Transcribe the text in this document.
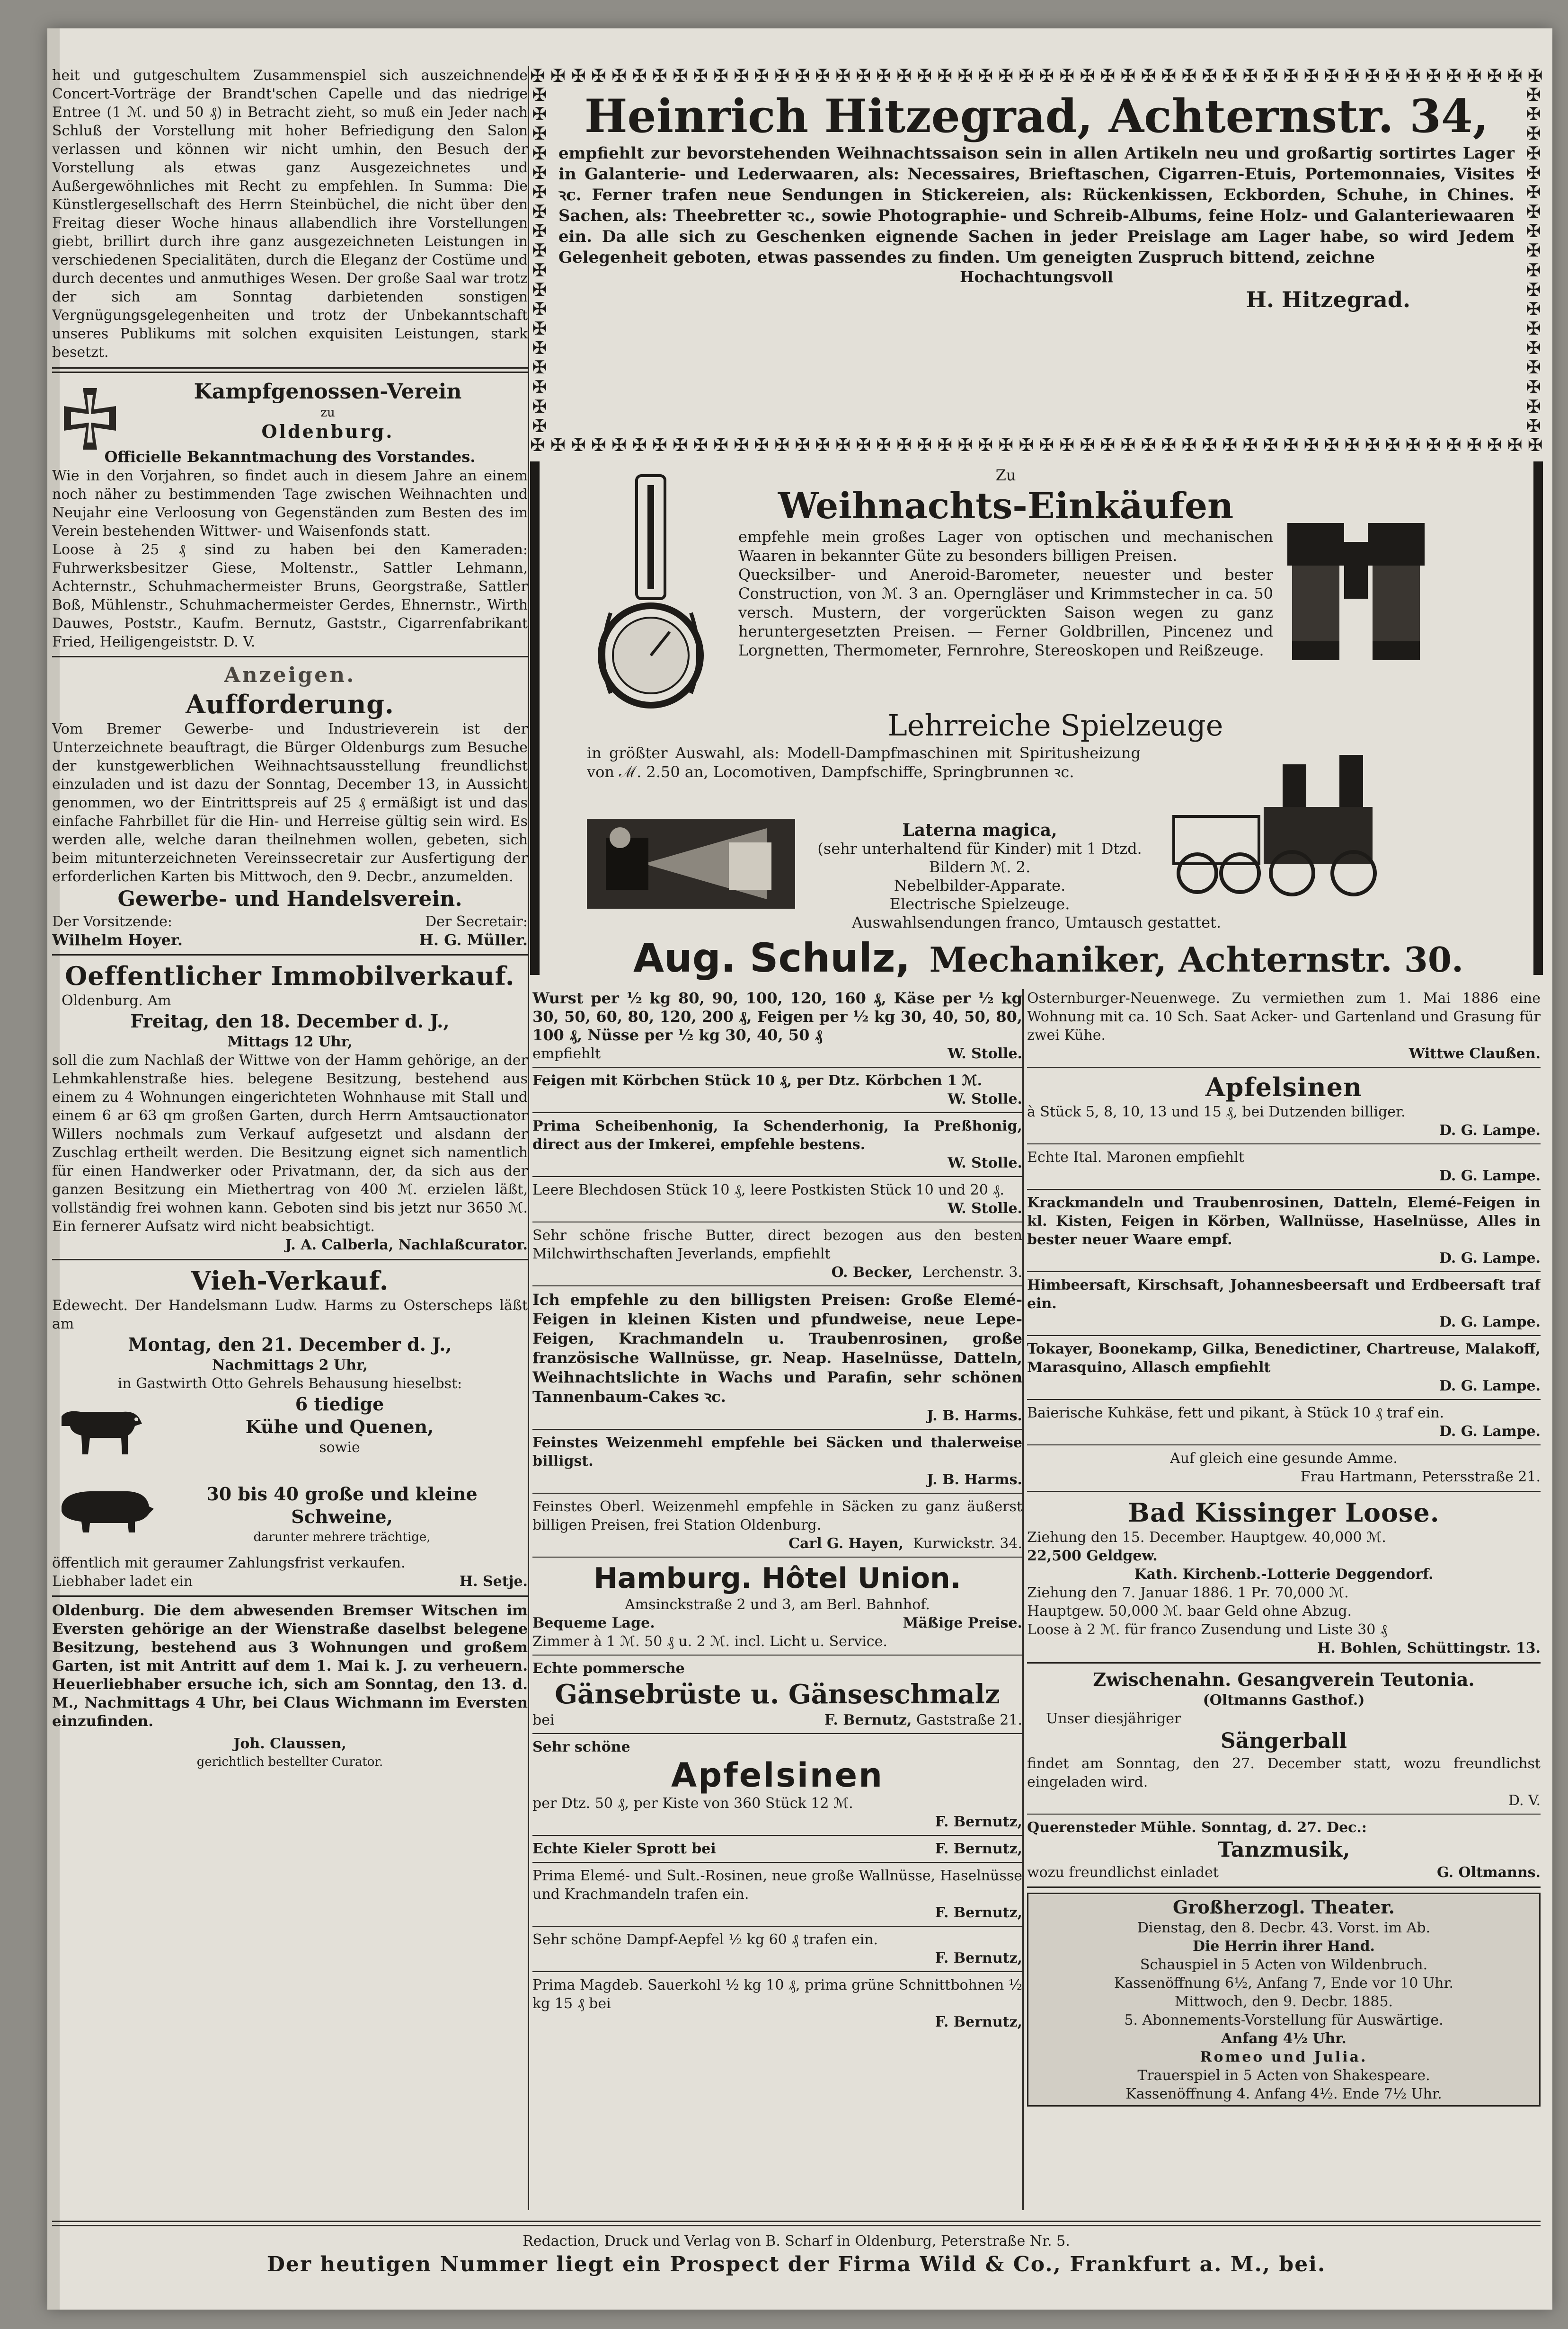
heit und gutgeschultem Zusammenspiel sich auszeichnende Concert-Vorträge der Brandt'schen Capelle und das niedrige Entree (1 ℳ. und 50 ₰) in Betracht zieht, so muß ein Jeder nach Schluß der Vorstellung mit hoher Befriedigung den Salon verlassen und können wir nicht umhin, den Besuch der Vorstellung als etwas ganz Ausgezeichnetes und Außergewöhnliches mit Recht zu empfehlen. In Summa: Die Künstlergesellschaft des Herrn Steinbüchel, die nicht über den Freitag dieser Woche hinaus allabendlich ihre Vorstellungen giebt, brillirt durch ihre ganz ausgezeichneten Leistungen in verschiedenen Specialitäten, durch die Eleganz der Costüme und durch decentes und anmuthiges Wesen. Der große Saal war trotz der sich am Sonntag darbietenden sonstigen Vergnügungsgelegenheiten und trotz der Unbekanntschaft unseres Publikums mit solchen exquisiten Leistungen, stark besetzt.

Kampfgenossen-Verein

zu

Oldenburg.

Officielle Bekanntmachung des Vorstandes.

Wie in den Vorjahren, so findet auch in diesem Jahre an einem noch näher zu bestimmenden Tage zwischen Weihnachten und Neujahr eine Verloosung von Gegenständen zum Besten des im Verein bestehenden Wittwer- und Waisenfonds statt.

Loose à 25 ₰ sind zu haben bei den Kameraden: Fuhrwerksbesitzer Giese, Moltenstr., Sattler Lehmann, Achternstr., Schuhmachermeister Bruns, Georgstraße, Sattler Boß, Mühlenstr., Schuhmachermeister Gerdes, Ehnernstr., Wirth Dauwes, Poststr., Kaufm. Bernutz, Gaststr., Cigarrenfabrikant Fried, Heiligengeiststr. D. V.

Anzeigen.

Aufforderung.

Vom Bremer Gewerbe- und Industrieverein ist der Unterzeichnete beauftragt, die Bürger Oldenburgs zum Besuche der kunstgewerblichen Weihnachtsausstellung freundlichst einzuladen und ist dazu der Sonntag, December 13, in Aussicht genommen, wo der Eintrittspreis auf 25 ₰ ermäßigt ist und das einfache Fahrbillet für die Hin- und Herreise gültig sein wird. Es werden alle, welche daran theilnehmen wollen, gebeten, sich beim mitunterzeichneten Vereinssecretair zur Ausfertigung der erforderlichen Karten bis Mittwoch, den 9. Decbr., anzumelden.

Gewerbe- und Handelsverein.

Der Vorsitzende:	Der Secretair:
Wilhelm Hoyer.	H. G. Müller.

Oeffentlicher Immobilverkauf.

Oldenburg. Am

Freitag, den 18. December d. J.,

Mittags 12 Uhr,

soll die zum Nachlaß der Wittwe von der Hamm gehörige, an der Lehmkahlenstraße hies. belegene Besitzung, bestehend aus einem zu 4 Wohnungen eingerichteten Wohnhause mit Stall und einem 6 ar 63 qm großen Garten, durch Herrn Amtsauctionator Willers nochmals zum Verkauf aufgesetzt und alsdann der Zuschlag ertheilt werden. Die Besitzung eignet sich namentlich für einen Handwerker oder Privatmann, der, da sich aus der ganzen Besitzung ein Miethertrag von 400 ℳ. erzielen läßt, vollständig frei wohnen kann. Geboten sind bis jetzt nur 3650 ℳ. Ein fernerer Aufsatz wird nicht beabsichtigt.

J. A. Calberla, Nachlaßcurator.

Vieh-Verkauf.

Edewecht. Der Handelsmann Ludw. Harms zu Osterscheps läßt am

Montag, den 21. December d. J.,

Nachmittags 2 Uhr,

in Gastwirth Otto Gehrels Behausung hieselbst:

6 tiedige

Kühe und Quenen,

sowie

30 bis 40 große und kleine

Schweine,

darunter mehrere trächtige,

öffentlich mit geraumer Zahlungsfrist verkaufen.

Liebhaber ladet ein	H. Setje.

Oldenburg. Die dem abwesenden Bremser Witschen im Eversten gehörige an der Wienstraße daselbst belegene Besitzung, bestehend aus 3 Wohnungen und großem Garten, ist mit Antritt auf dem 1. Mai k. J. zu verheuern. Heuerliebhaber ersuche ich, sich am Sonntag, den 13. d. M., Nachmittags 4 Uhr, bei Claus Wichmann im Eversten einzufinden.

Joh. Claussen,

gerichtlich bestellter Curator.

✠ ✠ ✠ ✠ ✠ ✠ ✠ ✠ ✠ ✠ ✠ ✠ ✠ ✠ ✠ ✠ ✠ ✠ ✠ ✠ ✠ ✠ ✠ ✠ ✠ ✠ ✠ ✠ ✠ ✠ ✠ ✠ ✠ ✠ ✠ ✠ ✠ ✠ ✠ ✠ ✠ ✠ ✠ ✠ ✠ ✠ ✠ ✠ ✠ ✠
✠ ✠ ✠ ✠ ✠ ✠ ✠ ✠ ✠ ✠ ✠ ✠ ✠ ✠ ✠ ✠ ✠ ✠ ✠ ✠ ✠ ✠ ✠ ✠ ✠ ✠ ✠ ✠ ✠ ✠ ✠ ✠ ✠ ✠ ✠ ✠ ✠ ✠ ✠ ✠ ✠ ✠ ✠ ✠ ✠ ✠ ✠ ✠ ✠ ✠
✠
✠
✠
✠
✠
✠
✠
✠
✠
✠
✠
✠
✠
✠
✠
✠
✠
✠
✠
✠
✠
✠
✠
✠
✠
✠
✠
✠
✠
✠
✠
✠
✠
✠
✠
✠

Heinrich Hitzegrad, Achternstr. 34,

empfiehlt zur bevorstehenden Weihnachtssaison sein in allen Artikeln neu und großartig sortirtes Lager in Galanterie- und Lederwaaren, als: Necessaires, Brieftaschen, Cigarren-Etuis, Portemonnaies, Visites ꝛc. Ferner trafen neue Sendungen in Stickereien, als: Rückenkissen, Eckborden, Schuhe, in Chines. Sachen, als: Theebretter ꝛc., sowie Photographie- und Schreib-Albums, feine Holz- und Galanteriewaaren ein. Da alle sich zu Geschenken eignende Sachen in jeder Preislage am Lager habe, so wird Jedem Gelegenheit geboten, etwas passendes zu finden. Um geneigten Zuspruch bittend, zeichne

Hochachtungsvoll

H. Hitzegrad.

Zu

Weihnachts-Einkäufen

empfehle mein großes Lager von optischen und mechanischen Waaren in bekannter Güte zu besonders billigen Preisen.

Quecksilber- und Aneroid-Barometer, neuester und bester Construction, von ℳ. 3 an. Operngläser und Krimmstecher in ca. 50 versch. Mustern, der vorgerückten Saison wegen zu ganz heruntergesetzten Preisen. — Ferner Goldbrillen, Pincenez und Lorgnetten, Thermometer, Fernrohre, Stereoskopen und Reißzeuge.

Lehrreiche Spielzeuge

in größter Auswahl, als: Modell-Dampfmaschinen mit Spiritusheizung von ℳ. 2.50 an, Locomotiven, Dampfschiffe, Springbrunnen ꝛc.

Laterna magica,

(sehr unterhaltend für Kinder) mit 1 Dtzd. Bildern ℳ. 2.

Nebelbilder-Apparate.

Electrische Spielzeuge.

Auswahlsendungen franco, Umtausch gestattet.

Aug. Schulz, Mechaniker, Achternstr. 30.

Wurst per ½ kg 80, 90, 100, 120, 160 ₰, Käse per ½ kg 30, 50, 60, 80, 120, 200 ₰, Feigen per ½ kg 30, 40, 50, 80, 100 ₰, Nüsse per ½ kg 30, 40, 50 ₰

empfiehlt	W. Stolle.

Feigen mit Körbchen Stück 10 ₰, per Dtz. Körbchen 1 ℳ.

W. Stolle.

Prima Scheibenhonig, Ia Schenderhonig, Ia Preßhonig, direct aus der Imkerei, empfehle bestens.

W. Stolle.

Leere Blechdosen Stück 10 ₰, leere Postkisten Stück 10 und 20 ₰.

W. Stolle.

Sehr schöne frische Butter, direct bezogen aus den besten Milchwirthschaften Jeverlands, empfiehlt

O. Becker, Lerchenstr. 3.

Ich empfehle zu den billigsten Preisen: Große Elemé-Feigen in kleinen Kisten und pfundweise, neue Lepe-Feigen, Krachmandeln u. Traubenrosinen, große französische Wallnüsse, gr. Neap. Haselnüsse, Datteln, Weihnachtslichte in Wachs und Parafin, sehr schönen Tannenbaum-Cakes ꝛc.

J. B. Harms.

Feinstes Weizenmehl empfehle bei Säcken und thalerweise billigst.

J. B. Harms.

Feinstes Oberl. Weizenmehl empfehle in Säcken zu ganz äußerst billigen Preisen, frei Station Oldenburg.

Carl G. Hayen, Kurwickstr. 34.

Hamburg. Hôtel Union.

Amsinckstraße 2 und 3, am Berl. Bahnhof.

Bequeme Lage.	Mäßige Preise.

Zimmer à 1 ℳ. 50 ₰ u. 2 ℳ. incl. Licht u. Service.

Echte pommersche

Gänsebrüste u. Gänseschmalz

bei	F. Bernutz, Gaststraße 21.

Sehr schöne

Apfelsinen

per Dtz. 50 ₰, per Kiste von 360 Stück 12 ℳ.

F. Bernutz,

Echte Kieler Sprott bei	F. Bernutz,

Prima Elemé- und Sult.-Rosinen, neue große Wallnüsse, Haselnüsse und Krachmandeln trafen ein.

F. Bernutz,

Sehr schöne Dampf-Aepfel ½ kg 60 ₰ trafen ein.

F. Bernutz,

Prima Magdeb. Sauerkohl ½ kg 10 ₰, prima grüne Schnittbohnen ½ kg 15 ₰ bei

F. Bernutz,

Osternburger-Neuenwege. Zu vermiethen zum 1. Mai 1886 eine Wohnung mit ca. 10 Sch. Saat Acker- und Gartenland und Grasung für zwei Kühe.

Wittwe Claußen.

Apfelsinen

à Stück 5, 8, 10, 13 und 15 ₰, bei Dutzenden billiger.

D. G. Lampe.

Echte Ital. Maronen empfiehlt

D. G. Lampe.

Krackmandeln und Traubenrosinen, Datteln, Elemé-Feigen in kl. Kisten, Feigen in Körben, Wallnüsse, Haselnüsse, Alles in bester neuer Waare empf.

D. G. Lampe.

Himbeersaft, Kirschsaft, Johannesbeersaft und Erdbeersaft traf ein.

D. G. Lampe.

Tokayer, Boonekamp, Gilka, Benedictiner, Chartreuse, Malakoff, Marasquino, Allasch empfiehlt

D. G. Lampe.

Baierische Kuhkäse, fett und pikant, à Stück 10 ₰ traf ein.

D. G. Lampe.

Auf gleich eine gesunde Amme.

Frau Hartmann, Petersstraße 21.

Bad Kissinger Loose.

Ziehung den 15. December. Hauptgew. 40,000 ℳ.

22,500 Geldgew.

Kath. Kirchenb.-Lotterie Deggendorf.

Ziehung den 7. Januar 1886. 1 Pr. 70,000 ℳ.

Hauptgew. 50,000 ℳ. baar Geld ohne Abzug.

Loose à 2 ℳ. für franco Zusendung und Liste 30 ₰

H. Bohlen, Schüttingstr. 13.

Zwischenahn. Gesangverein Teutonia.

(Oltmanns Gasthof.)

Unser diesjähriger

Sängerball

findet am Sonntag, den 27. December statt, wozu freundlichst eingeladen wird.

D. V.

Querensteder Mühle. Sonntag, d. 27. Dec.:

Tanzmusik,

wozu freundlichst einladet	G. Oltmanns.

Großherzogl. Theater.

Dienstag, den 8. Decbr. 43. Vorst. im Ab.

Die Herrin ihrer Hand.

Schauspiel in 5 Acten von Wildenbruch.

Kassenöffnung 6½, Anfang 7, Ende vor 10 Uhr.

Mittwoch, den 9. Decbr. 1885.

5. Abonnements-Vorstellung für Auswärtige.

Anfang 4½ Uhr.

Romeo und Julia.

Trauerspiel in 5 Acten von Shakespeare.

Kassenöffnung 4. Anfang 4½. Ende 7½ Uhr.

Redaction, Druck und Verlag von B. Scharf in Oldenburg, Peterstraße Nr. 5.

Der heutigen Nummer liegt ein Prospect der Firma Wild & Co., Frankfurt a. M., bei.
